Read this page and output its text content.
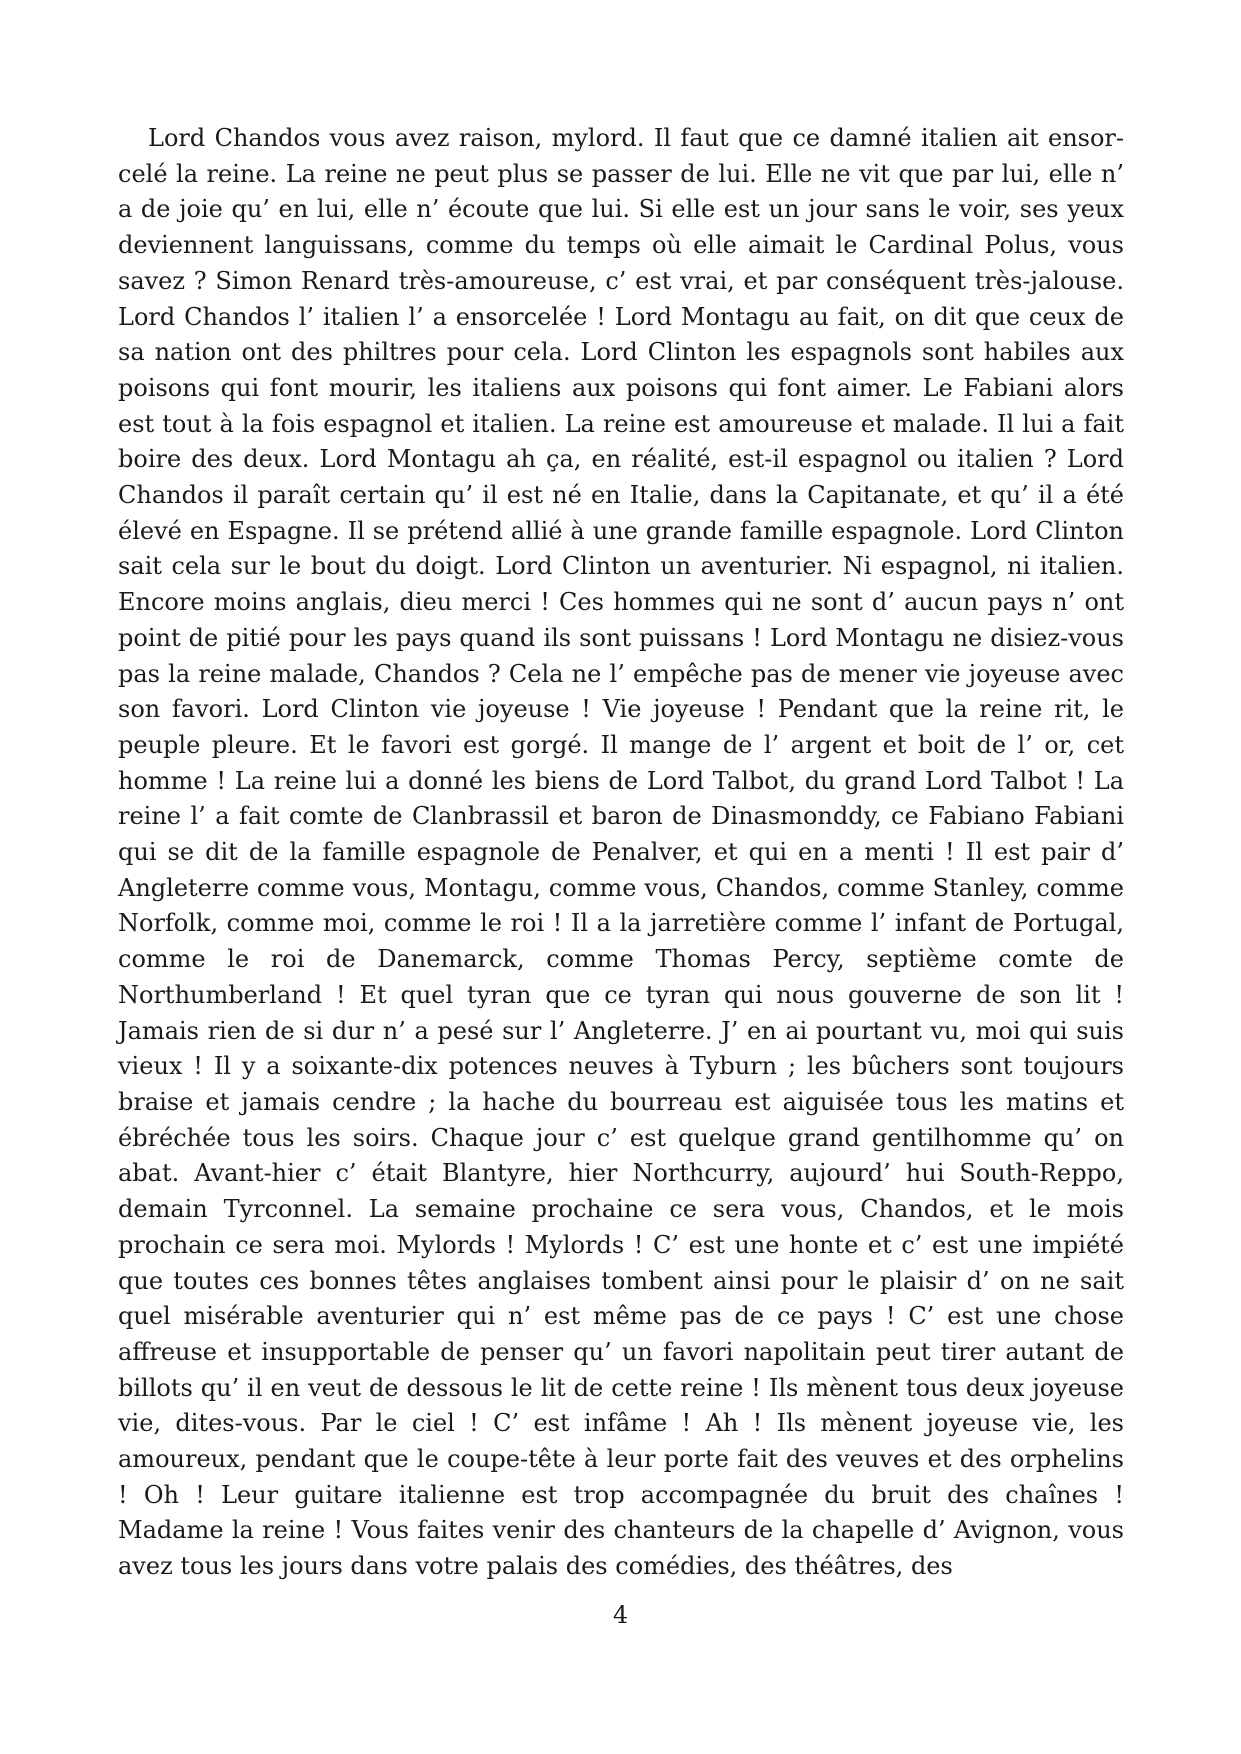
Lord Chandos vous avez raison, mylord. Il faut que ce damné italien ait ensorcelé la reine. La reine ne peut plus se passer de lui. Elle ne vit que par lui, elle n’ a de joie qu’ en lui, elle n’ écoute que lui. Si elle est un jour sans le voir, ses yeux deviennent languissans, comme du temps où elle aimait le Cardinal Polus, vous savez ? Simon Renard très-amoureuse, c’ est vrai, et par conséquent très-jalouse. Lord Chandos l’ italien l’ a ensorcelée ! Lord Montagu au fait, on dit que ceux de sa nation ont des philtres pour cela. Lord Clinton les espagnols sont habiles aux poisons qui font mourir, les italiens aux poisons qui font aimer. Le Fabiani alors est tout à la fois espagnol et italien. La reine est amoureuse et malade. Il lui a fait boire des deux. Lord Montagu ah ça, en réalité, est-il espagnol ou italien ? Lord Chandos il paraît certain qu’ il est né en Italie, dans la Capitanate, et qu’ il a été élevé en Espagne. Il se prétend allié à une grande famille espagnole. Lord Clinton sait cela sur le bout du doigt. Lord Clinton un aventurier. Ni espagnol, ni italien. Encore moins anglais, dieu merci ! Ces hommes qui ne sont d’ aucun pays n’ ont point de pitié pour les pays quand ils sont puissans ! Lord Montagu ne disiez-vous pas la reine malade, Chandos ? Cela ne l’ empêche pas de mener vie joyeuse avec son favori. Lord Clinton vie joyeuse ! Vie joyeuse ! Pendant que la reine rit, le peuple pleure. Et le favori est gorgé. Il mange de l’ argent et boit de l’ or, cet homme ! La reine lui a donné les biens de Lord Talbot, du grand Lord Talbot ! La reine l’ a fait comte de Clanbrassil et baron de Dinasmonddy, ce Fabiano Fabiani qui se dit de la famille espagnole de Penalver, et qui en a menti ! Il est pair d’ Angleterre comme vous, Montagu, comme vous, Chandos, comme Stanley, comme Norfolk, comme moi, comme le roi ! Il a la jarretière comme l’ infant de Portugal, comme le roi de Danemarck, comme Thomas Percy, septième comte de Northumberland ! Et quel tyran que ce tyran qui nous gouverne de son lit ! Jamais rien de si dur n’ a pesé sur l’ Angleterre. J’ en ai pourtant vu, moi qui suis vieux ! Il y a soixante-dix potences neuves à Tyburn ; les bûchers sont toujours braise et jamais cendre ; la hache du bourreau est aiguisée tous les matins et ébréchée tous les soirs. Chaque jour c’ est quelque grand gentilhomme qu’ on abat. Avant-hier c’ était Blantyre, hier Northcurry, aujourd’ hui South-Reppo, demain Tyrconnel. La semaine prochaine ce sera vous, Chandos, et le mois prochain ce sera moi. Mylords ! Mylords ! C’ est une honte et c’ est une impiété que toutes ces bonnes têtes anglaises tombent ainsi pour le plaisir d’ on ne sait quel misérable aventurier qui n’ est même pas de ce pays ! C’ est une chose affreuse et insupportable de penser qu’ un favori napolitain peut tirer autant de billots qu’ il en veut de dessous le lit de cette reine ! Ils mènent tous deux joyeuse vie, dites-vous. Par le ciel ! C’ est infâme ! Ah ! Ils mènent joyeuse vie, les amoureux, pendant que le coupe-tête à leur porte fait des veuves et des orphelins ! Oh ! Leur guitare italienne est trop accompagnée du bruit des chaînes ! Madame la reine ! Vous faites venir des chanteurs de la chapelle d’ Avignon, vous avez tous les jours dans votre palais des comédies, des théâtres, des

4
